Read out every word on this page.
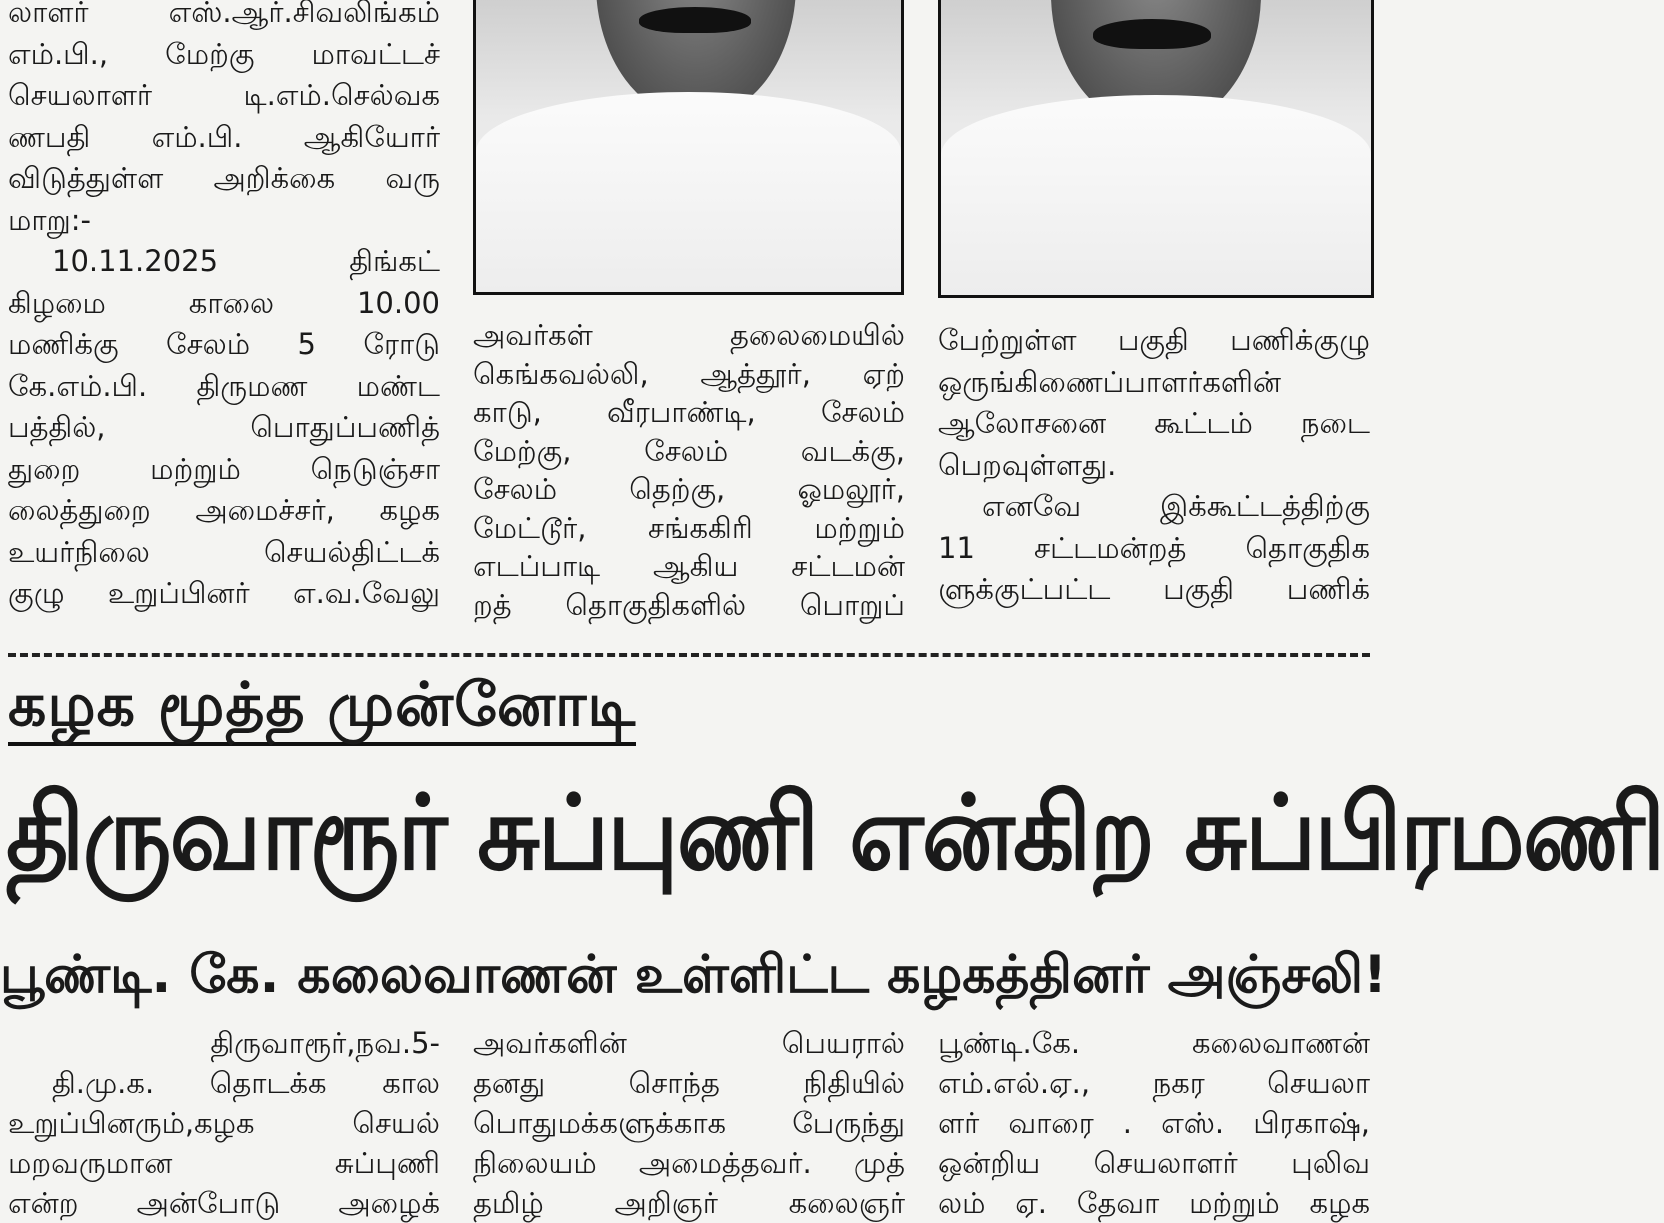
லாளர் எஸ்.ஆர்.சிவலிங்கம்
எம்.பி., மேற்கு மாவட்டச்
செயலாளர் டி.எம்.செல்வக
ணபதி எம்.பி. ஆகியோர்
விடுத்துள்ள அறிக்கை வரு
மாறு:-
10.11.2025 திங்கட்
கிழமை காலை 10.00
மணிக்கு சேலம் 5 ரோடு
கே.எம்.பி. திருமண மண்ட
பத்தில், பொதுப்பணித்
துறை மற்றும் நெடுஞ்சா
லைத்துறை அமைச்சர், கழக
உயர்நிலை செயல்திட்டக்
குழு உறுப்பினர் எ.வ.வேலு
அவர்கள் தலைமையில்
கெங்கவல்லி, ஆத்தூர், ஏற்
காடு, வீரபாண்டி, சேலம்
மேற்கு, சேலம் வடக்கு,
சேலம் தெற்கு, ஓமலூர்,
மேட்டூர், சங்ககிரி மற்றும்
எடப்பாடி ஆகிய சட்டமன்
றத் தொகுதிகளில் பொறுப்
பேற்றுள்ள பகுதி பணிக்குழு
ஒருங்கிணைப்பாளர்களின்
ஆலோசனை கூட்டம் நடை
பெறவுள்ளது.
எனவே இக்கூட்டத்திற்கு
11 சட்டமன்றத் தொகுதிக
ளுக்குட்பட்ட பகுதி பணிக்
கழக மூத்த முன்னோடி
திருவாரூர் சுப்புணி என்கிற சுப்பிரமணி
பூண்டி. கே. கலைவாணன் உள்ளிட்ட கழகத்தினர் அஞ்சலி!
திருவாரூர்,நவ.5-
தி.மு.க. தொடக்க கால
உறுப்பினரும்,கழக செயல்
மறவருமான சுப்புணி
என்ற அன்போடு அழைக்
அவர்களின் பெயரால்
தனது சொந்த நிதியில்
பொதுமக்களுக்காக பேருந்து
நிலையம் அமைத்தவர். முத்
தமிழ் அறிஞர் கலைஞர்
பூண்டி.கே. கலைவாணன்
எம்.எல்.ஏ., நகர செயலா
ளர் வாரை . எஸ். பிரகாஷ்,
ஒன்றிய செயலாளர் புலிவ
லம் ஏ. தேவா மற்றும் கழக
